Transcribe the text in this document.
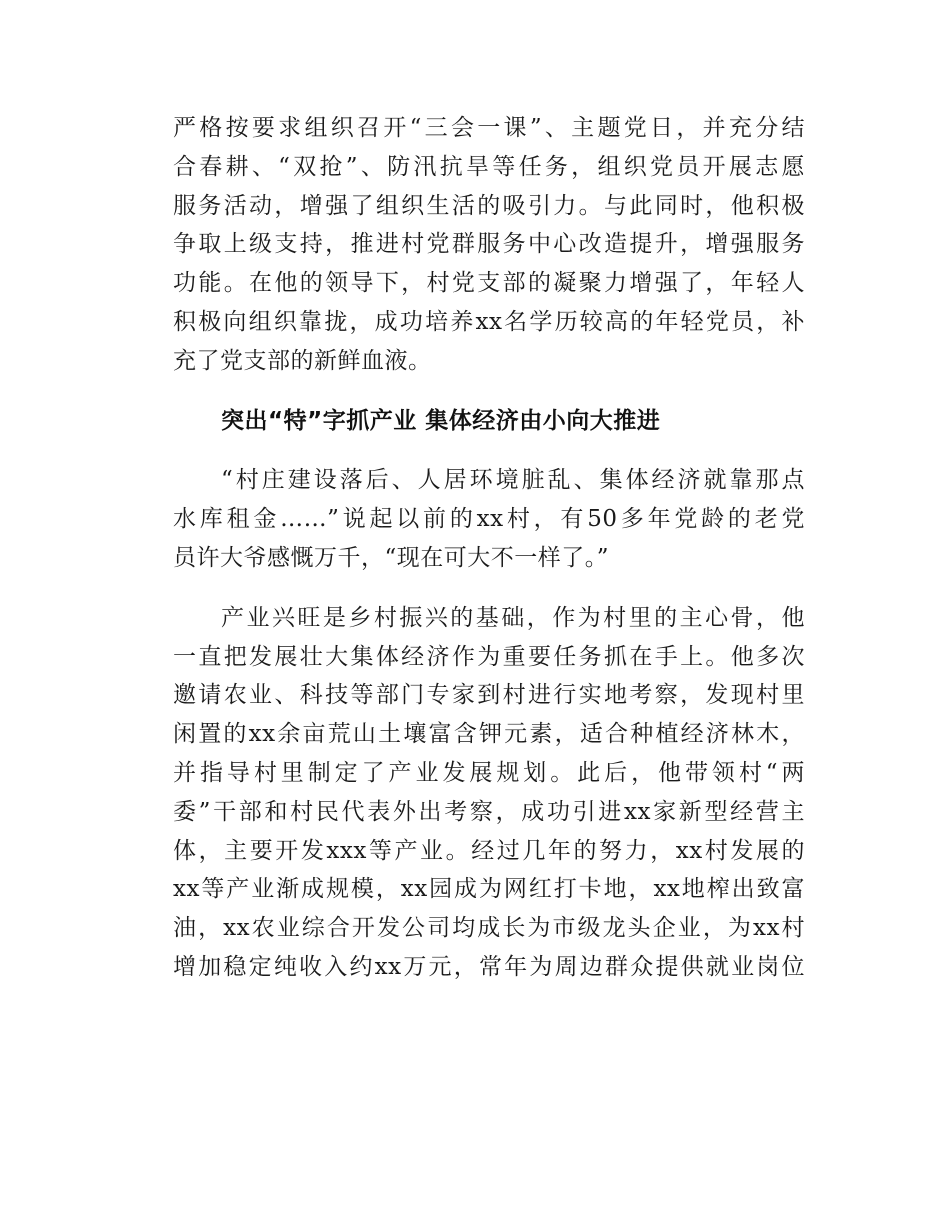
严格按要求组织召开“三会一课”、主题党日，并充分结
合春耕、“双抢”、防汛抗旱等任务，组织党员开展志愿
服务活动，增强了组织生活的吸引力。与此同时，他积极
争取上级支持，推进村党群服务中心改造提升，增强服务
功能。在他的领导下，村党支部的凝聚力增强了，年轻人
积极向组织靠拢，成功培养xx名学历较高的年轻党员，补
充了党支部的新鲜血液。
突出“特”字抓产业 集体经济由小向大推进
“村庄建设落后、人居环境脏乱、集体经济就靠那点
水库租金……”说起以前的xx村，有50多年党龄的老党
员许大爷感慨万千，“现在可大不一样了。”
产业兴旺是乡村振兴的基础，作为村里的主心骨，他
一直把发展壮大集体经济作为重要任务抓在手上。他多次
邀请农业、科技等部门专家到村进行实地考察，发现村里
闲置的xx余亩荒山土壤富含钾元素，适合种植经济林木，
并指导村里制定了产业发展规划。此后，他带领村“两
委”干部和村民代表外出考察，成功引进xx家新型经营主
体，主要开发xxx等产业。经过几年的努力，xx村发展的
xx等产业渐成规模，xx园成为网红打卡地，xx地榨出致富
油，xx农业综合开发公司均成长为市级龙头企业，为xx村
增加稳定纯收入约xx万元，常年为周边群众提供就业岗位
